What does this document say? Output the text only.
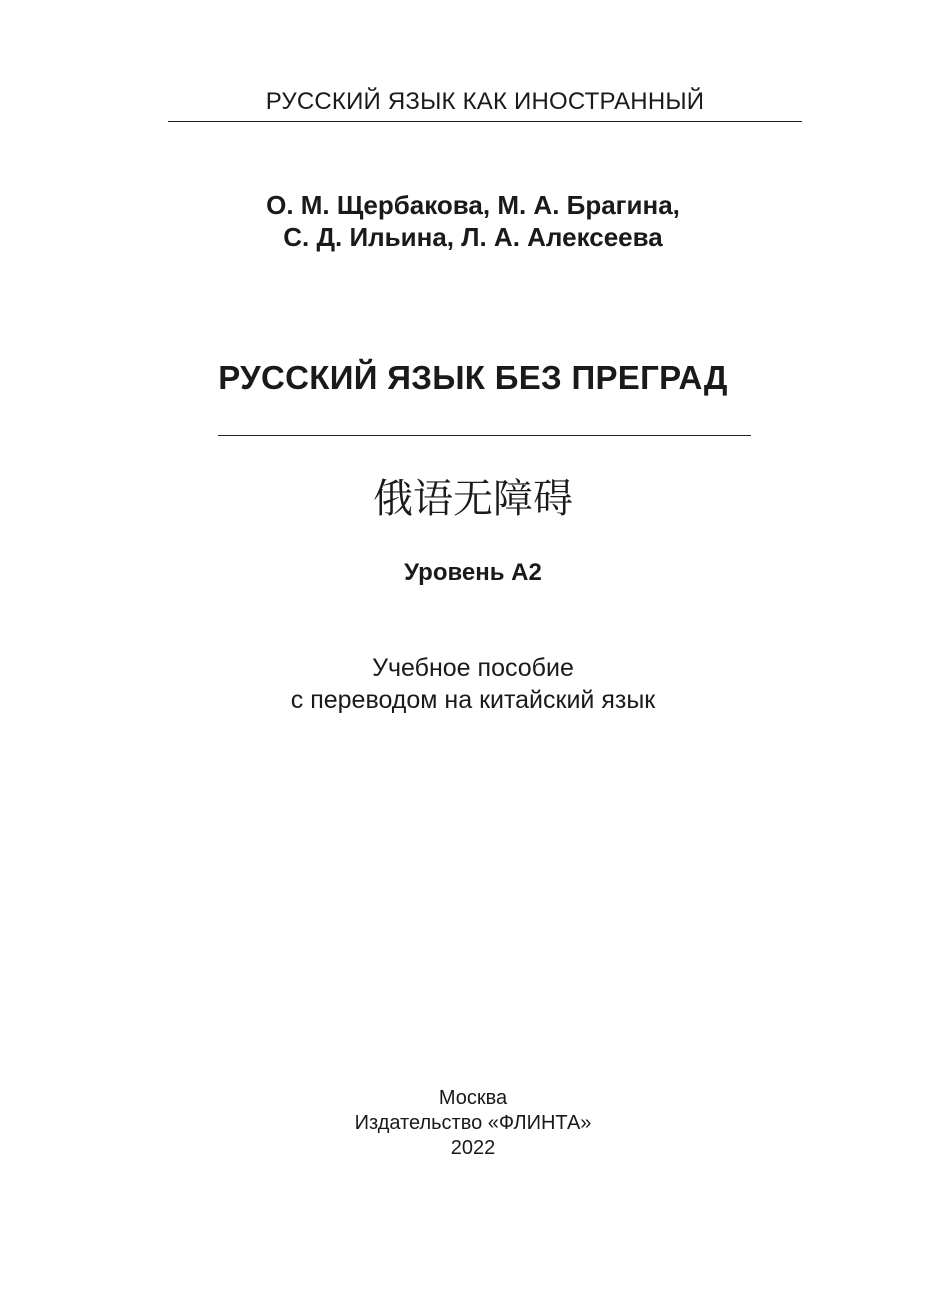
РУССКИЙ ЯЗЫК КАК ИНОСТРАННЫЙ
О. М. Щербакова, М. А. Брагина,
С. Д. Ильина, Л. А. Алексеева
РУССКИЙ ЯЗЫК БЕЗ ПРЕГРАД
俄语无障碍
Уровень А2
Учебное пособие
с переводом на китайский язык
Москва
Издательство «ФЛИНТА»
2022
